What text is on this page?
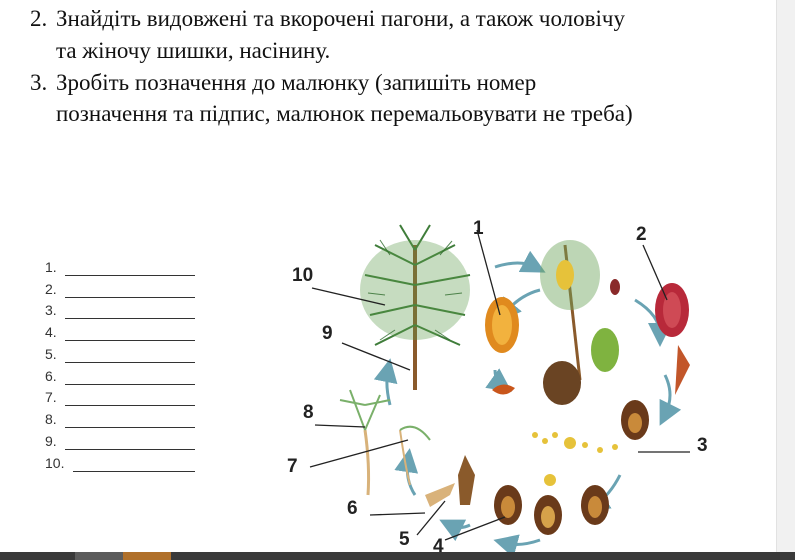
2. Знайдіть видовжені та вкорочені пагони, а також чоловічу
та жіночу шишки, насінину.
3. Зробіть позначення до малюнку (запишіть номер
позначення та підпис, малюнок перемальовувати не треба)
1.
2.
3.
4.
5.
6.
7.
8.
9.
10.
1	2
3
4
5
6
7
8
9
10
